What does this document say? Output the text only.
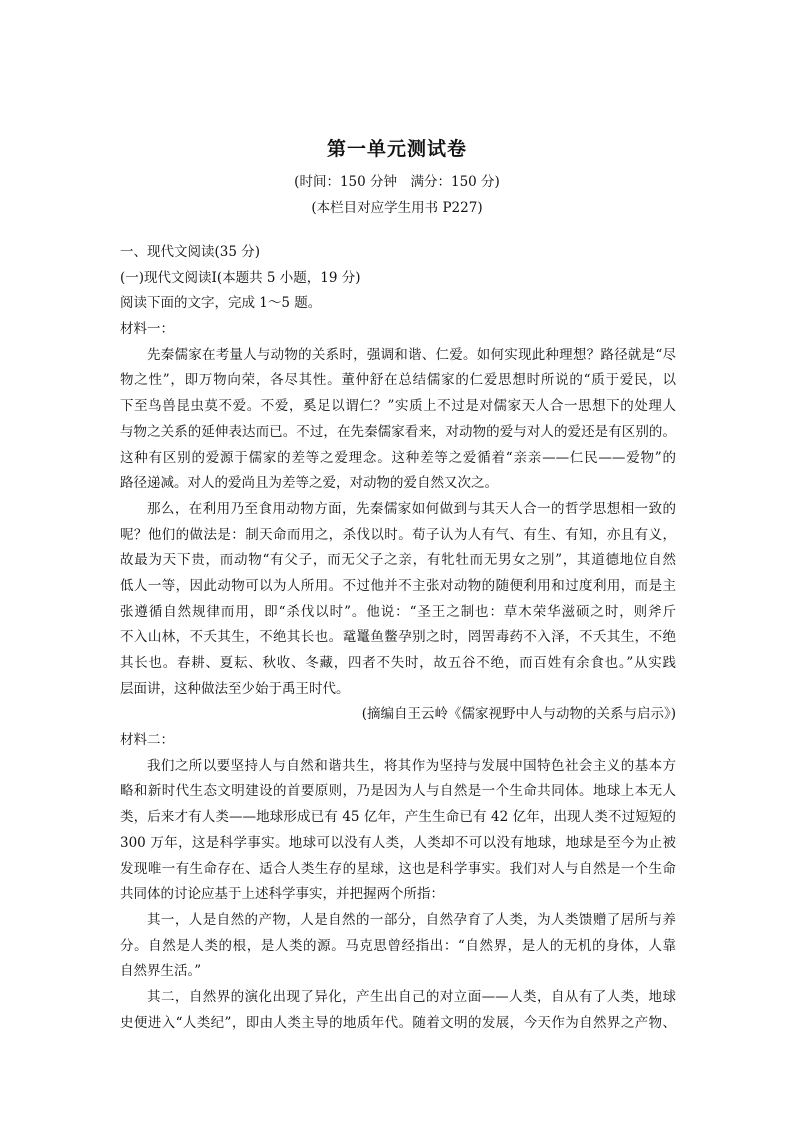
第一单元测试卷
(时间：150 分钟　满分：150 分)
(本栏目对应学生用书 P227)
一、现代文阅读(35 分)
(一)现代文阅读Ⅰ(本题共 5 小题，19 分)
阅读下面的文字，完成 1～5 题。
材料一：
先秦儒家在考量人与动物的关系时，强调和谐、仁爱。如何实现此种理想？路径就是“尽
物之性”，即万物向荣，各尽其性。董仲舒在总结儒家的仁爱思想时所说的“质于爱民，以
下至鸟兽昆虫莫不爱。不爱，奚足以谓仁？”实质上不过是对儒家天人合一思想下的处理人
与物之关系的延伸表达而已。不过，在先秦儒家看来，对动物的爱与对人的爱还是有区别的。
这种有区别的爱源于儒家的差等之爱理念。这种差等之爱循着“亲亲——仁民——爱物”的
路径递减。对人的爱尚且为差等之爱，对动物的爱自然又次之。
那么，在利用乃至食用动物方面，先秦儒家如何做到与其天人合一的哲学思想相一致的
呢？他们的做法是：制天命而用之，杀伐以时。荀子认为人有气、有生、有知，亦且有义，
故最为天下贵，而动物“有父子，而无父子之亲，有牝牡而无男女之别”，其道德地位自然
低人一等，因此动物可以为人所用。不过他并不主张对动物的随便利用和过度利用，而是主
张遵循自然规律而用，即“杀伐以时”。他说：“圣王之制也：草木荣华滋硕之时，则斧斤
不入山林，不夭其生，不绝其长也。鼋鼍鱼鳖孕别之时，罔罟毒药不入泽，不夭其生，不绝
其长也。春耕、夏耘、秋收、冬藏，四者不失时，故五谷不绝，而百姓有余食也。”从实践
层面讲，这种做法至少始于禹王时代。
(摘编自王云岭《儒家视野中人与动物的关系与启示》)
材料二：
我们之所以要坚持人与自然和谐共生，将其作为坚持与发展中国特色社会主义的基本方
略和新时代生态文明建设的首要原则，乃是因为人与自然是一个生命共同体。地球上本无人
类，后来才有人类——地球形成已有 45 亿年，产生生命已有 42 亿年，出现人类不过短短的
300 万年，这是科学事实。地球可以没有人类，人类却不可以没有地球，地球是至今为止被
发现唯一有生命存在、适合人类生存的星球，这也是科学事实。我们对人与自然是一个生命
共同体的讨论应基于上述科学事实，并把握两个所指：
其一，人是自然的产物，人是自然的一部分，自然孕育了人类，为人类馈赠了居所与养
分。自然是人类的根，是人类的源。马克思曾经指出：“自然界，是人的无机的身体，人靠
自然界生活。”
其二，自然界的演化出现了异化，产生出自己的对立面——人类，自从有了人类，地球
史便进入“人类纪”，即由人类主导的地质年代。随着文明的发展，今天作为自然界之产物、
